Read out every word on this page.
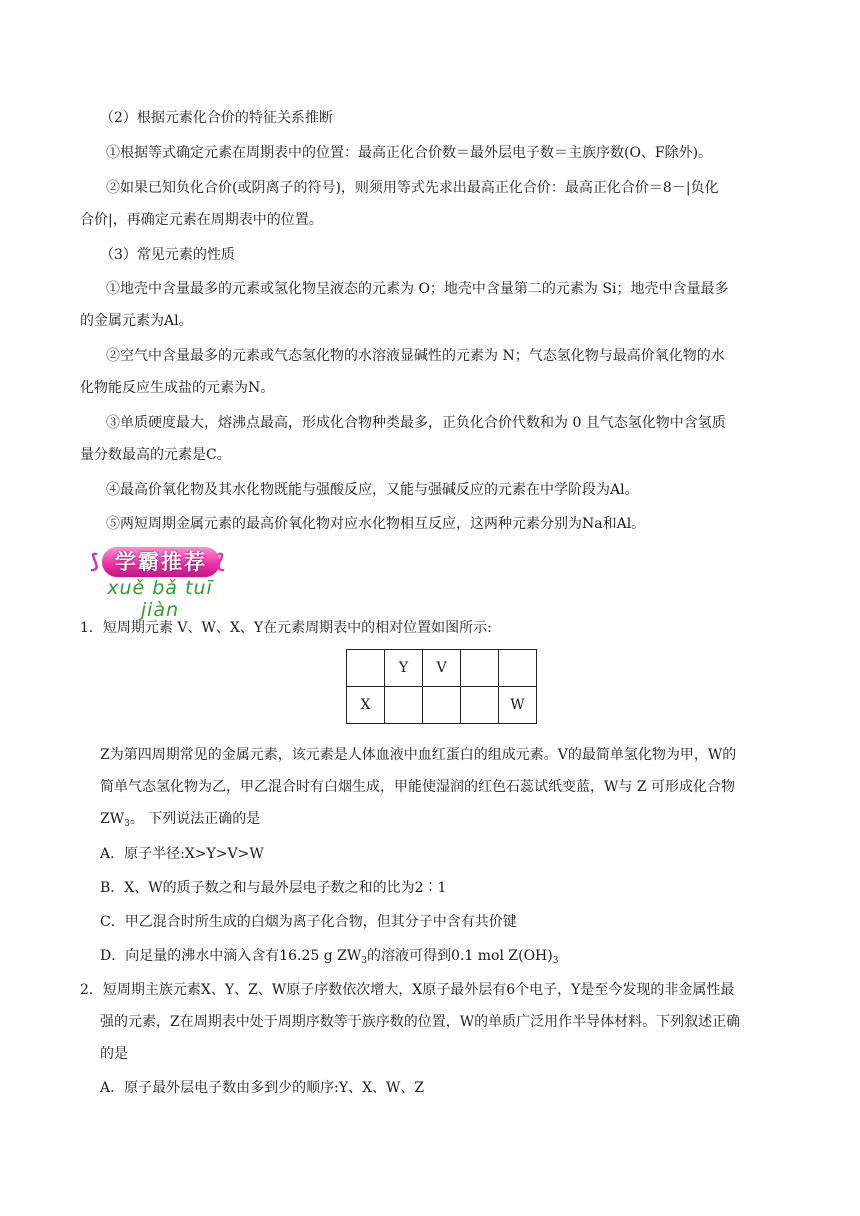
（2）根据元素化合价的特征关系推断
①根据等式确定元素在周期表中的位置：最高正化合价数＝最外层电子数＝主族序数(O、F除外)。
②如果已知负化合价(或阴离子的符号)，则须用等式先求出最高正化合价：最高正化合价＝8－|负化
合价|，再确定元素在周期表中的位置。
（3）常见元素的性质
①地壳中含量最多的元素或氢化物呈液态的元素为 O；地壳中含量第二的元素为 Si；地壳中含量最多
的金属元素为Al。
②空气中含量最多的元素或气态氢化物的水溶液显碱性的元素为 N；气态氢化物与最高价氧化物的水
化物能反应生成盐的元素为N。
③单质硬度最大，熔沸点最高，形成化合物种类最多，正负化合价代数和为 0 且气态氢化物中含氢质
量分数最高的元素是C。
④最高价氧化物及其水化物既能与强酸反应，又能与强碱反应的元素在中学阶段为Al。
⑤两短周期金属元素的最高价氧化物对应水化物相互反应，这两种元素分别为Na和Al。
⟆ 学霸推荐 ⟅
xuě bǎ tuī jiàn
1．短周期元素 V、W、X、Y在元素周期表中的相对位置如图所示:
	Y	V		
X				W
Z为第四周期常见的金属元素，该元素是人体血液中血红蛋白的组成元素。V的最简单氢化物为甲，W的
简单气态氢化物为乙，甲乙混合时有白烟生成，甲能使湿润的红色石蕊试纸变蓝，W与 Z 可形成化合物
$ZW_3$。 下列说法正确的是
A．原子半径:X>Y>V>W
B．X、W的质子数之和与最外层电子数之和的比为2∶1
C．甲乙混合时所生成的白烟为离子化合物，但其分子中含有共价键
D．向足量的沸水中滴入含有16.25 g $ZW_3$的溶液可得到0.1 mol $Z(OH)_3$
2．短周期主族元素X、Y、Z、W原子序数依次增大，X原子最外层有6个电子，Y是至今发现的非金属性最
强的元素，Z在周期表中处于周期序数等于族序数的位置，W的单质广泛用作半导体材料。下列叙述正确
的是
A．原子最外层电子数由多到少的顺序:Y、X、W、Z
